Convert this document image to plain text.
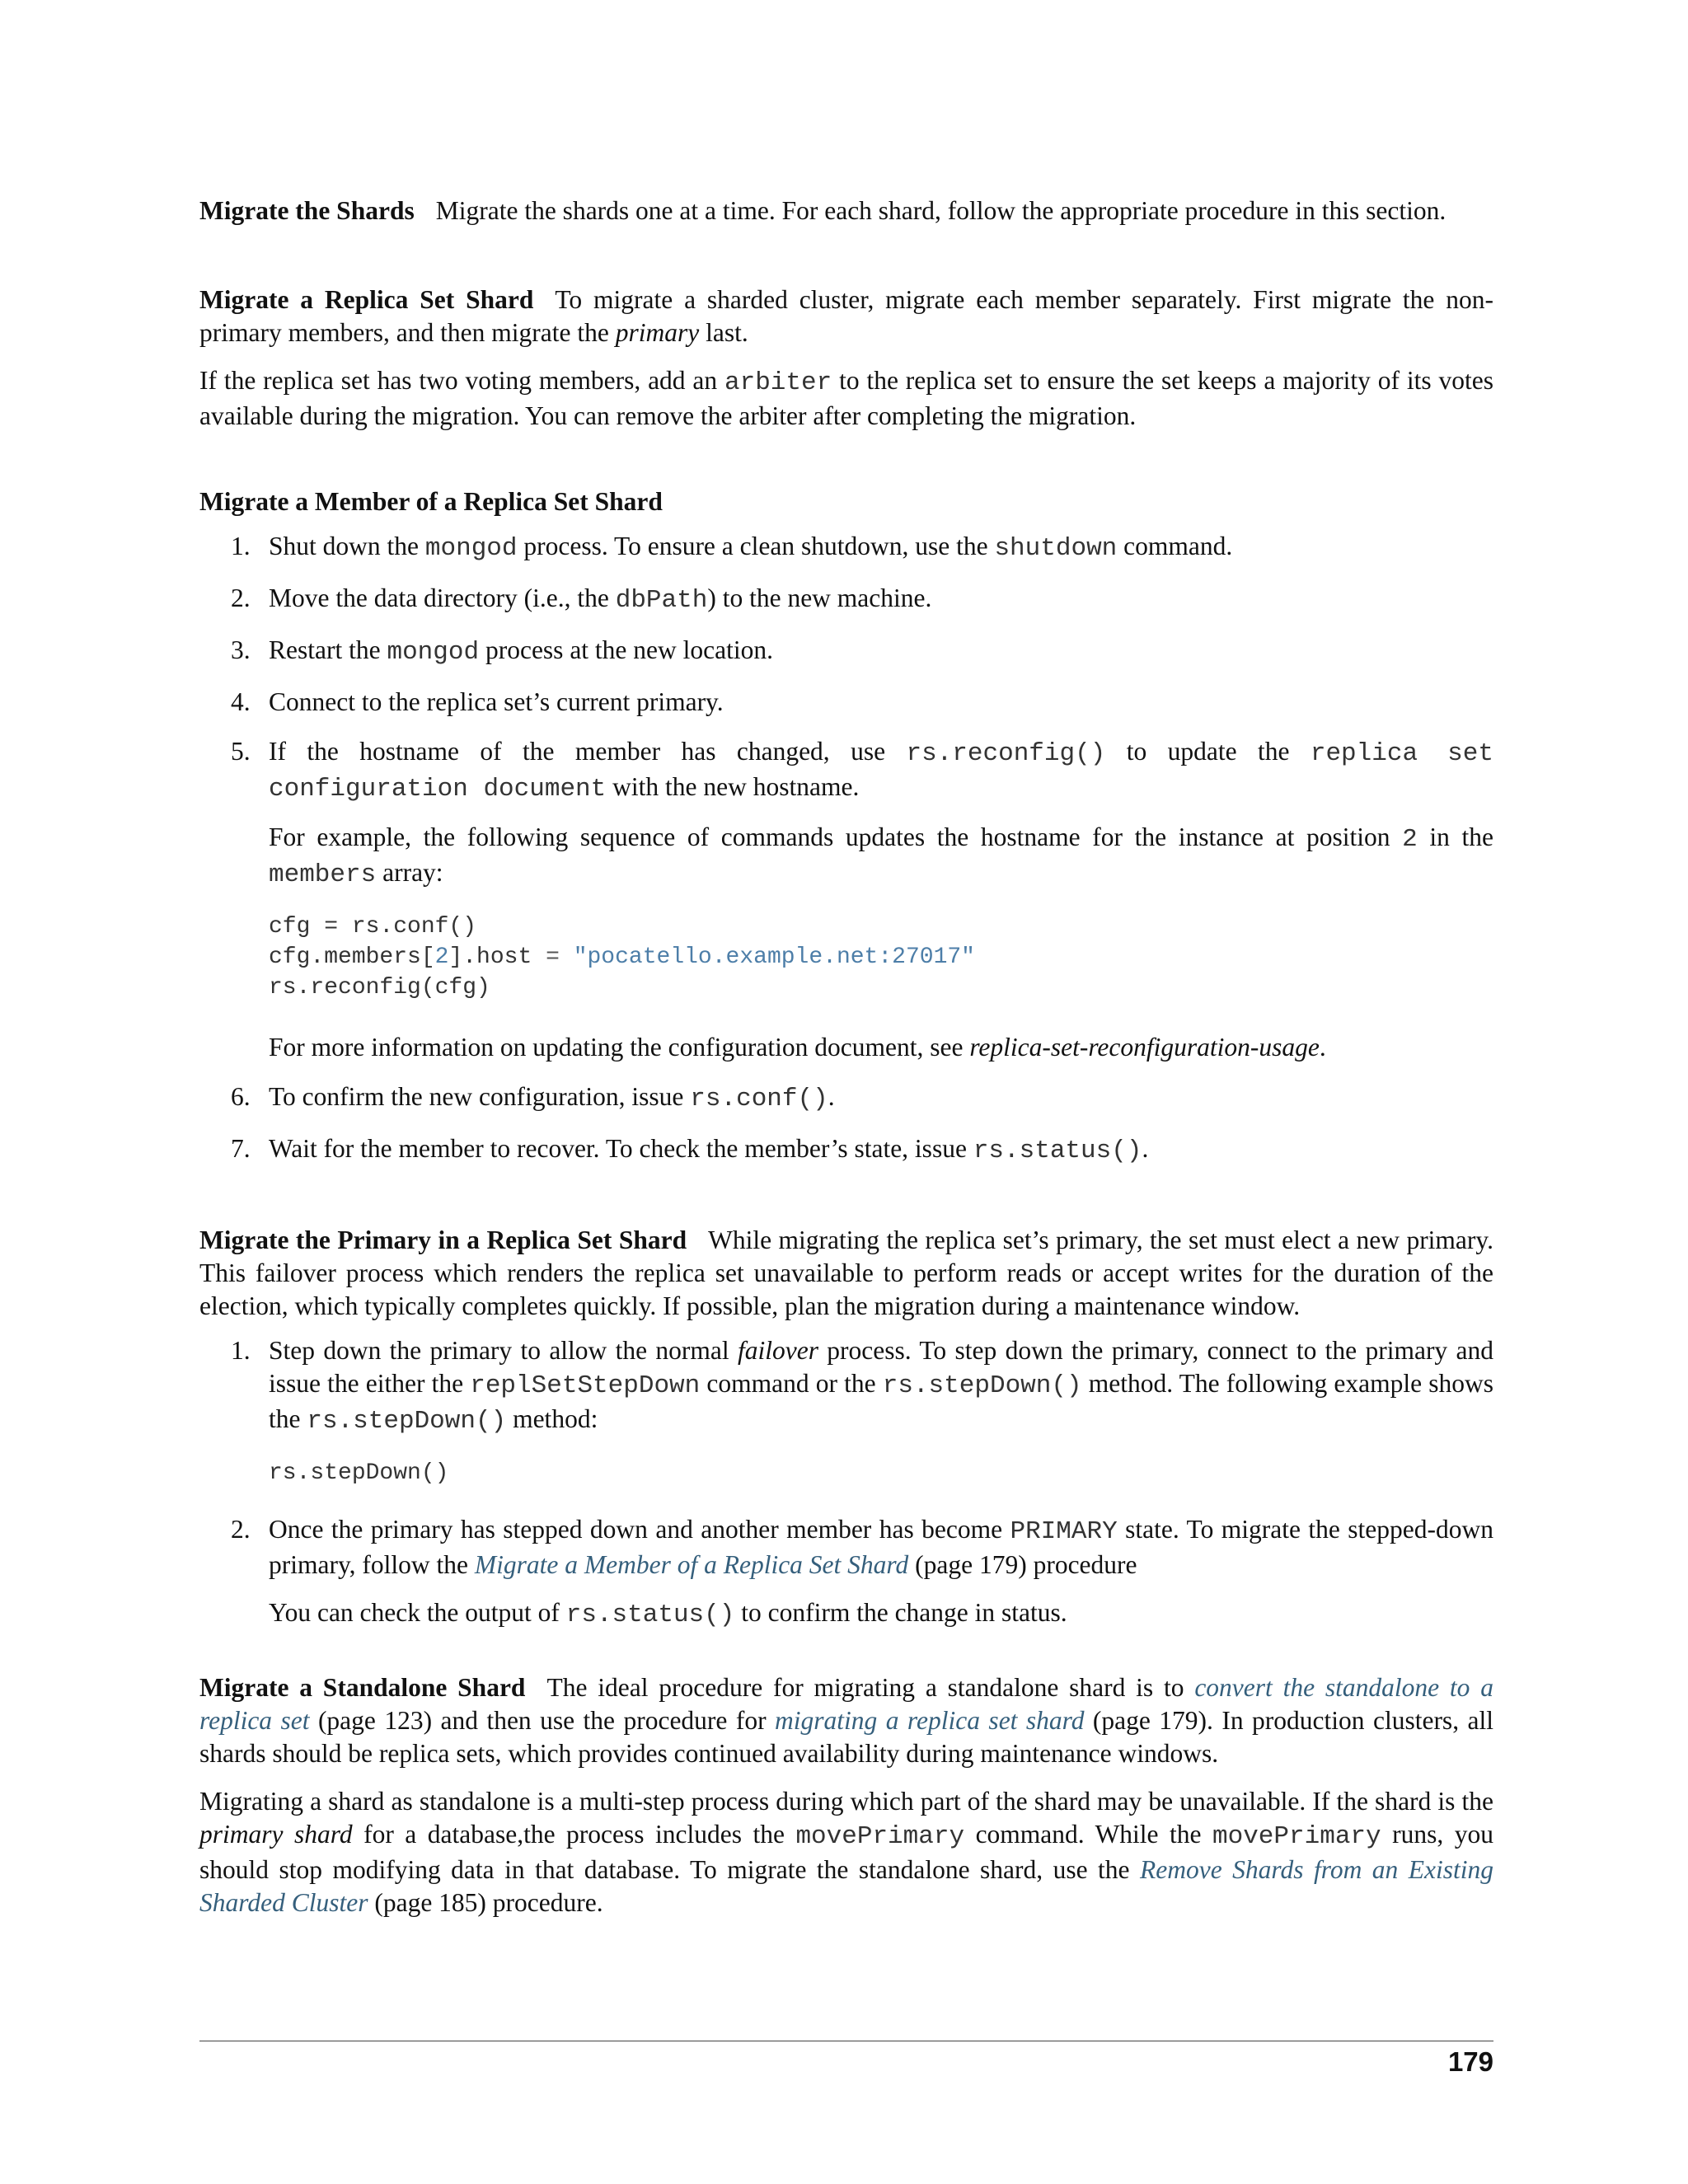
Migrate the Shards Migrate the shards one at a time. For each shard, follow the appropriate procedure in this section.

Migrate a Replica Set Shard To migrate a sharded cluster, migrate each member separately. First migrate the non-primary members, and then migrate the primary last.

If the replica set has two voting members, add an arbiter to the replica set to ensure the set keeps a majority of its votes available during the migration. You can remove the arbiter after completing the migration.

Migrate a Member of a Replica Set Shard
1. Shut down the mongod process. To ensure a clean shutdown, use the shutdown command.
2. Move the data directory (i.e., the dbPath) to the new machine.
3. Restart the mongod process at the new location.
4. Connect to the replica set’s current primary.
5. If the hostname of the member has changed, use rs.reconfig() to update the replica set configuration document with the new hostname.

For example, the following sequence of commands updates the hostname for the instance at position 2 in the members array:

cfg = rs.conf()
cfg.members[2].host = "pocatello.example.net:27017"
rs.reconfig(cfg)

For more information on updating the configuration document, see replica-set-reconfiguration-usage.

6. To confirm the new configuration, issue rs.conf().
7. Wait for the member to recover. To check the member’s state, issue rs.status().

Migrate the Primary in a Replica Set Shard While migrating the replica set’s primary, the set must elect a new primary. This failover process which renders the replica set unavailable to perform reads or accept writes for the duration of the election, which typically completes quickly. If possible, plan the migration during a maintenance window.

1. Step down the primary to allow the normal failover process. To step down the primary, connect to the primary and issue the either the replSetStepDown command or the rs.stepDown() method. The following example shows the rs.stepDown() method:
rs.stepDown()
2. Once the primary has stepped down and another member has become PRIMARY state. To migrate the stepped-down primary, follow the Migrate a Member of a Replica Set Shard (page 179) procedure

You can check the output of rs.status() to confirm the change in status.

Migrate a Standalone Shard The ideal procedure for migrating a standalone shard is to convert the standalone to a replica set (page 123) and then use the procedure for migrating a replica set shard (page 179). In production clusters, all shards should be replica sets, which provides continued availability during maintenance windows.

Migrating a shard as standalone is a multi-step process during which part of the shard may be unavailable. If the shard is the primary shard for a database,the process includes the movePrimary command. While the movePrimary runs, you should stop modifying data in that database. To migrate the standalone shard, use the Remove Shards from an Existing Sharded Cluster (page 185) procedure.

179
